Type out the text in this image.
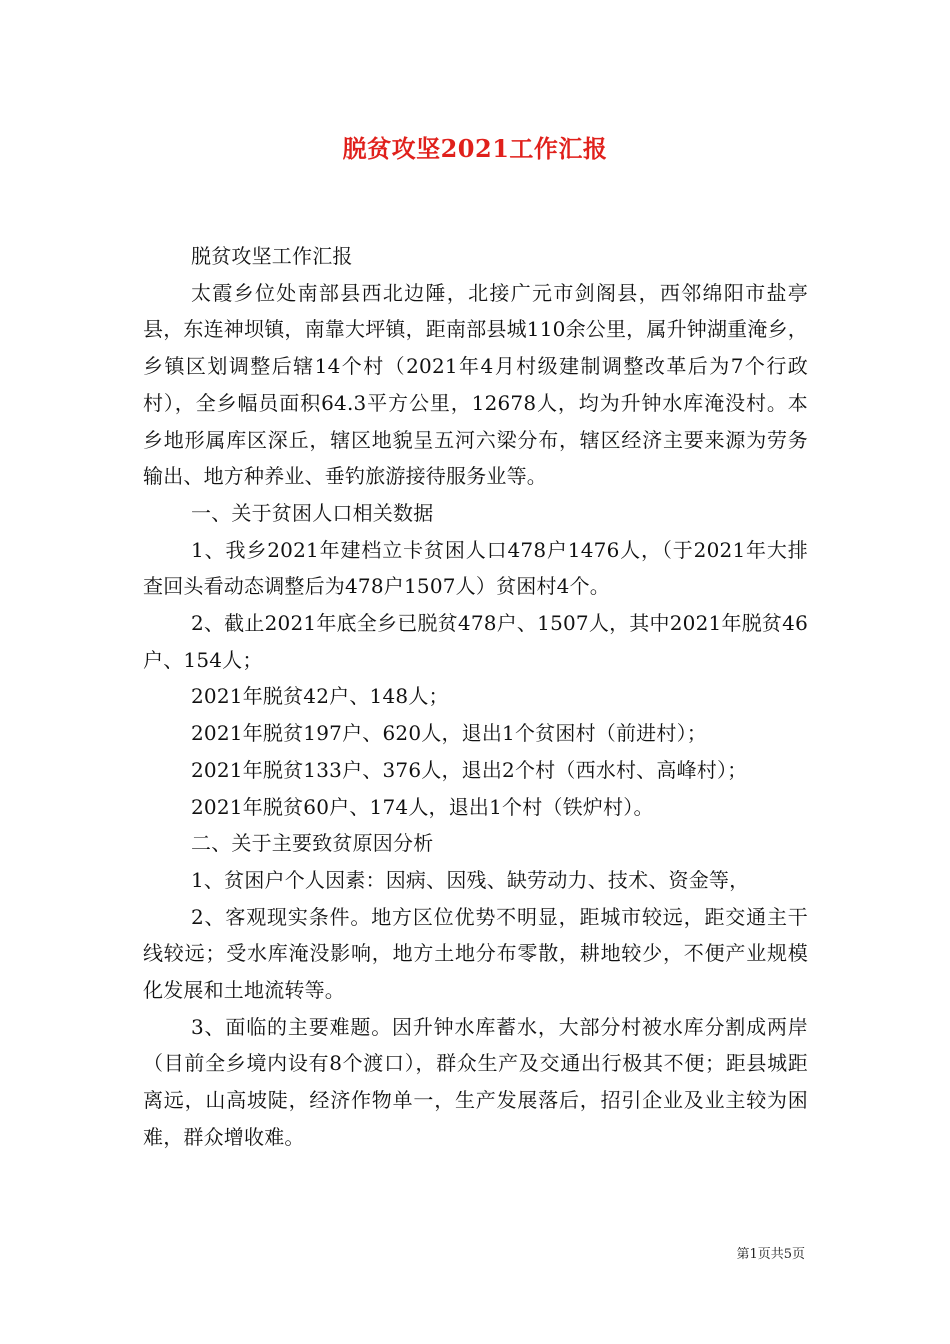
脱贫攻坚2021工作汇报

脱贫攻坚工作汇报

太霞乡位处南部县西北边陲，北接广元市剑阁县，西邻绵阳市盐亭县，东连神坝镇，南靠大坪镇，距南部县城110余公里，属升钟湖重淹乡，乡镇区划调整后辖14个村（2021年4月村级建制调整改革后为7个行政村），全乡幅员面积64.3平方公里，12678人，均为升钟水库淹没村。本乡地形属库区深丘，辖区地貌呈五河六梁分布，辖区经济主要来源为劳务输出、地方种养业、垂钓旅游接待服务业等。

一、关于贫困人口相关数据

1、我乡2021年建档立卡贫困人口478户1476人，（于2021年大排查回头看动态调整后为478户1507人）贫困村4个。

2、截止2021年底全乡已脱贫478户、1507人，其中2021年脱贫46户、154人；

2021年脱贫42户、148人；

2021年脱贫197户、620人，退出1个贫困村（前进村）；

2021年脱贫133户、376人，退出2个村（西水村、高峰村）；

2021年脱贫60户、174人，退出1个村（铁炉村）。

二、关于主要致贫原因分析

1、贫困户个人因素：因病、因残、缺劳动力、技术、资金等，

2、客观现实条件。地方区位优势不明显，距城市较远，距交通主干线较远；受水库淹没影响，地方土地分布零散，耕地较少，不便产业规模化发展和土地流转等。

3、面临的主要难题。因升钟水库蓄水，大部分村被水库分割成两岸（目前全乡境内设有8个渡口），群众生产及交通出行极其不便；距县城距离远，山高坡陡，经济作物单一，生产发展落后，招引企业及业主较为困难，群众增收难。

第1页共5页
